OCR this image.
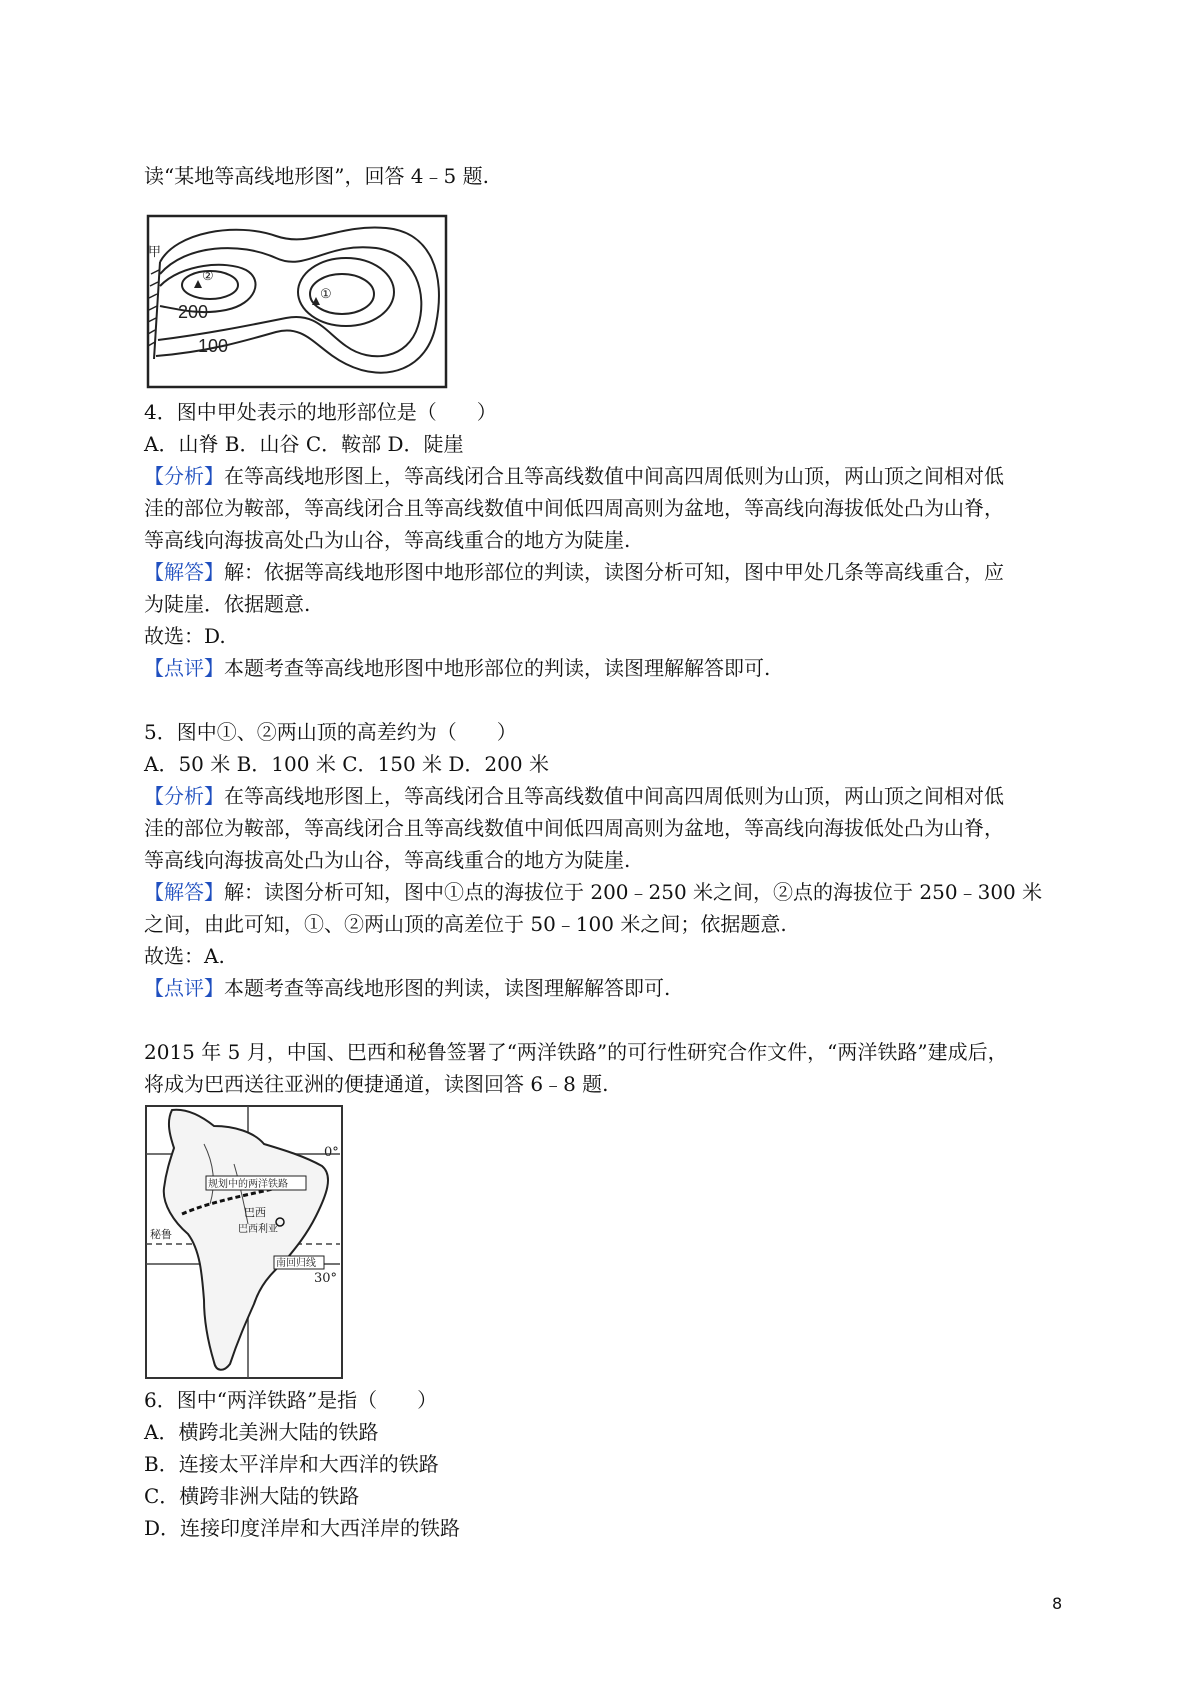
读“某地等高线地形图”，回答 4﹣5 题.
甲
②
①
200
100
4．图中甲处表示的地形部位是（　　）
A．山脊 B．山谷 C．鞍部 D．陡崖
【分析】在等高线地形图上，等高线闭合且等高线数值中间高四周低则为山顶，两山顶之间相对低
洼的部位为鞍部，等高线闭合且等高线数值中间低四周高则为盆地，等高线向海拔低处凸为山脊，
等高线向海拔高处凸为山谷，等高线重合的地方为陡崖.
【解答】解：依据等高线地形图中地形部位的判读，读图分析可知，图中甲处几条等高线重合，应
为陡崖．依据题意.
故选：D.
【点评】本题考查等高线地形图中地形部位的判读，读图理解解答即可.
5．图中①、②两山顶的高差约为（　　）
A．50 米 B．100 米 C．150 米 D．200 米
【分析】在等高线地形图上，等高线闭合且等高线数值中间高四周低则为山顶，两山顶之间相对低
洼的部位为鞍部，等高线闭合且等高线数值中间低四周高则为盆地，等高线向海拔低处凸为山脊，
等高线向海拔高处凸为山谷，等高线重合的地方为陡崖.
【解答】解：读图分析可知，图中①点的海拔位于 200﹣250 米之间，②点的海拔位于 250﹣300 米
之间，由此可知，①、②两山顶的高差位于 50﹣100 米之间；依据题意.
故选：A.
【点评】本题考查等高线地形图的判读，读图理解解答即可.
2015 年 5 月，中国、巴西和秘鲁签署了“两洋铁路”的可行性研究合作文件，“两洋铁路”建成后，
将成为巴西送往亚洲的便捷通道，读图回答 6﹣8 题.
0°
30°
规划中的两洋铁路
秘鲁
巴西
巴西利亚
南回归线
6．图中“两洋铁路”是指（　　）
A．横跨北美洲大陆的铁路
B．连接太平洋岸和大西洋的铁路
C．横跨非洲大陆的铁路
D．连接印度洋岸和大西洋岸的铁路
8
